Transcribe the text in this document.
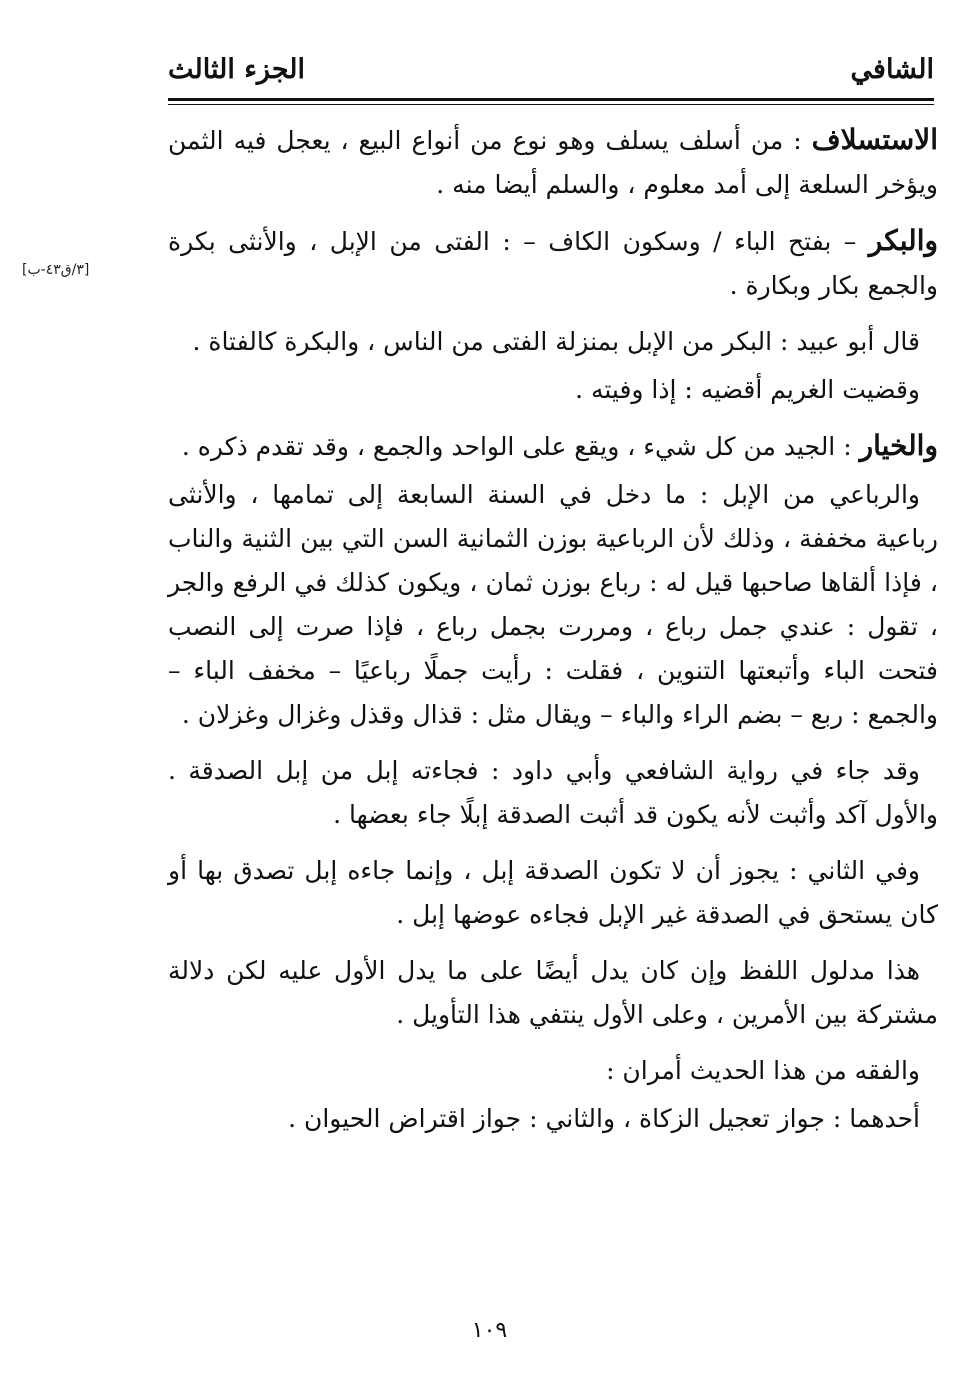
الشافي
الجزء الثالث
[٣/ق٤٣-ب]

الاستسلاف : من أسلف يسلف وهو نوع من أنواع البيع ، يعجل فيه الثمن ويؤخر السلعة إلى أمد معلوم ، والسلم أيضا منه .

والبكر – بفتح الباء / وسكون الكاف – : الفتى من الإبل ، والأنثى بكرة والجمع بكار وبكارة .

قال أبو عبيد : البكر من الإبل بمنزلة الفتى من الناس ، والبكرة كالفتاة .

وقضيت الغريم أقضيه : إذا وفيته .

والخيار : الجيد من كل شيء ، ويقع على الواحد والجمع ، وقد تقدم ذكره .

والرباعي من الإبل : ما دخل في السنة السابعة إلى تمامها ، والأنثى رباعية مخففة ، وذلك لأن الرباعية بوزن الثمانية السن التي بين الثنية والناب ، فإذا ألقاها صاحبها قيل له : رباع بوزن ثمان ، ويكون كذلك في الرفع والجر ، تقول : عندي جمل رباع ، ومررت بجمل رباع ، فإذا صرت إلى النصب فتحت الباء وأتبعتها التنوين ، فقلت : رأيت جملًا رباعيًا – مخفف الباء – والجمع : ربع – بضم الراء والباء – ويقال مثل : قذال وقذل وغزال وغزلان .

وقد جاء في رواية الشافعي وأبي داود : فجاءته إبل من إبل الصدقة . والأول آكد وأثبت لأنه يكون قد أثبت الصدقة إبلًا جاء بعضها .

وفي الثاني : يجوز أن لا تكون الصدقة إبل ، وإنما جاءه إبل تصدق بها أو كان يستحق في الصدقة غير الإبل فجاءه عوضها إبل .

هذا مدلول اللفظ وإن كان يدل أيضًا على ما يدل الأول عليه لكن دلالة مشتركة بين الأمرين ، وعلى الأول ينتفي هذا التأويل .

والفقه من هذا الحديث أمران :

أحدهما : جواز تعجيل الزكاة ، والثاني : جواز اقتراض الحيوان .

١٠٩
